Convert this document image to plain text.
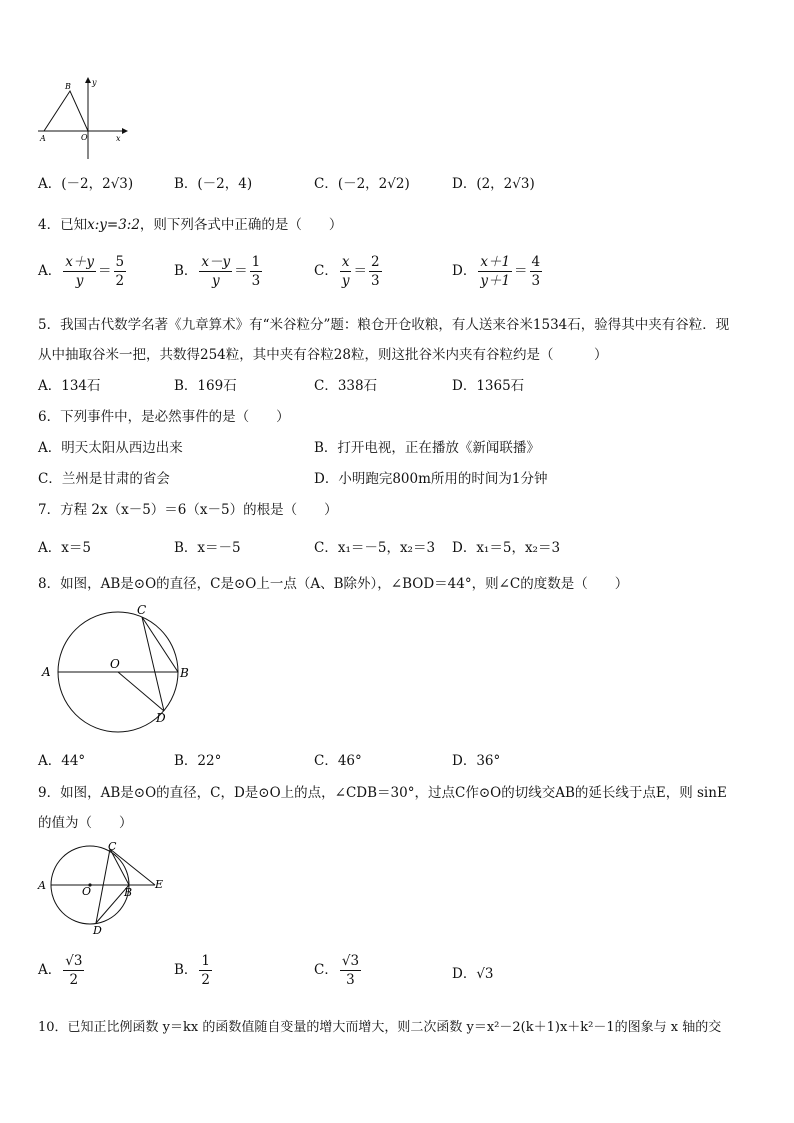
B
A	O	x
y
A．(－2，2√3)	B．(－2，4)	C．(－2，2√2)	D．(2，2√3)
4．已知x:y=3:2，则下列各式中正确的是（　　）
A． $\frac{x+y}{y} = \frac{5}{2}$	B． $\frac{x-y}{y} = \frac{1}{3}$	C． $\frac{x}{y} = \frac{2}{3}$	D． $\frac{x+1}{y+1} = \frac{4}{3}$
5．我国古代数学名著《九章算术》有“米谷粒分”题：粮仓开仓收粮，有人送来谷米1534石，验得其中夹有谷粒．现
从中抽取谷米一把，共数得254粒，其中夹有谷粒28粒，则这批谷米内夹有谷粒约是（　　　）
A．134石	B．169石	C．338石	D．1365石
6．下列事件中，是必然事件的是（　　）
A．明天太阳从西边出来	B．打开电视，正在播放《新闻联播》
C．兰州是甘肃的省会	D．小明跑完800m所用的时间为1分钟
7．方程 2x（x－5）＝6（x－5）的根是（　　）
A．x＝5	B．x＝－5	C．x₁＝－5，x₂＝3 D．x₁＝5，x₂＝3
8．如图，AB是⊙O的直径，C是⊙O上一点（A、B除外），∠BOD＝44°，则∠C的度数是（　　）
A	B
C
D
O
A．44°	B．22°	C．46°	D．36°
9．如图，AB是⊙O的直径，C，D是⊙O上的点，∠CDB＝30°，过点C作⊙O的切线交AB的延长线于点E，则 sinE
的值为（　　）
A	O	B
C
D
E
A． $\frac{√3}{2}$	B． $\frac{1}{2}$	C． $\frac{√3}{3}$	D．√3
10．已知正比例函数 y＝kx 的函数值随自变量的增大而增大，则二次函数 y＝x²－2(k＋1)x＋k²－1的图象与 x 轴的交
